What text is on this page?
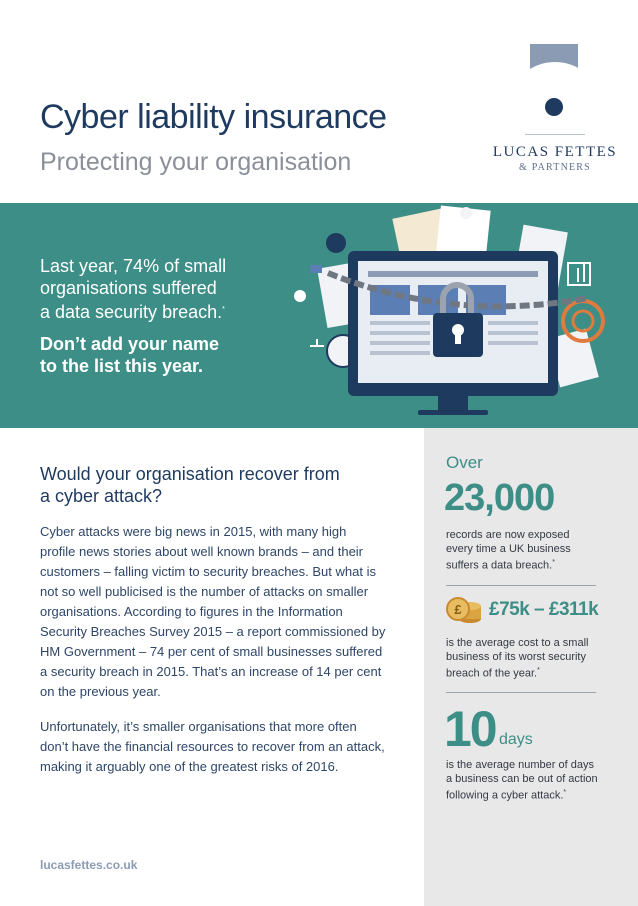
LUCAS FETTES
& PARTNERS
Cyber liability insurance
Protecting your organisation
Last year, 74% of small
organisations suffered
a data security breach.*
Don’t add your name
to the list this year.
Would your organisation recover from
a cyber attack?
Cyber attacks were big news in 2015, with many high
profile news stories about well known brands – and their
customers – falling victim to security breaches. But what is
not so well publicised is the number of attacks on smaller
organisations. According to figures in the Information
Security Breaches Survey 2015 – a report commissioned by
HM Government – 74 per cent of small businesses suffered
a security breach in 2015. That’s an increase of 14 per cent
on the previous year.
Unfortunately, it’s smaller organisations that more often
don’t have the financial resources to recover from an attack,
making it arguably one of the greatest risks of 2016.
lucasfettes.co.uk
Over
23,000
records are now exposed
every time a UK business
suffers a data breach.*
£ £75k – £311k
is the average cost to a small
business of its worst security
breach of the year.*
10 days
is the average number of days
a business can be out of action
following a cyber attack.*
